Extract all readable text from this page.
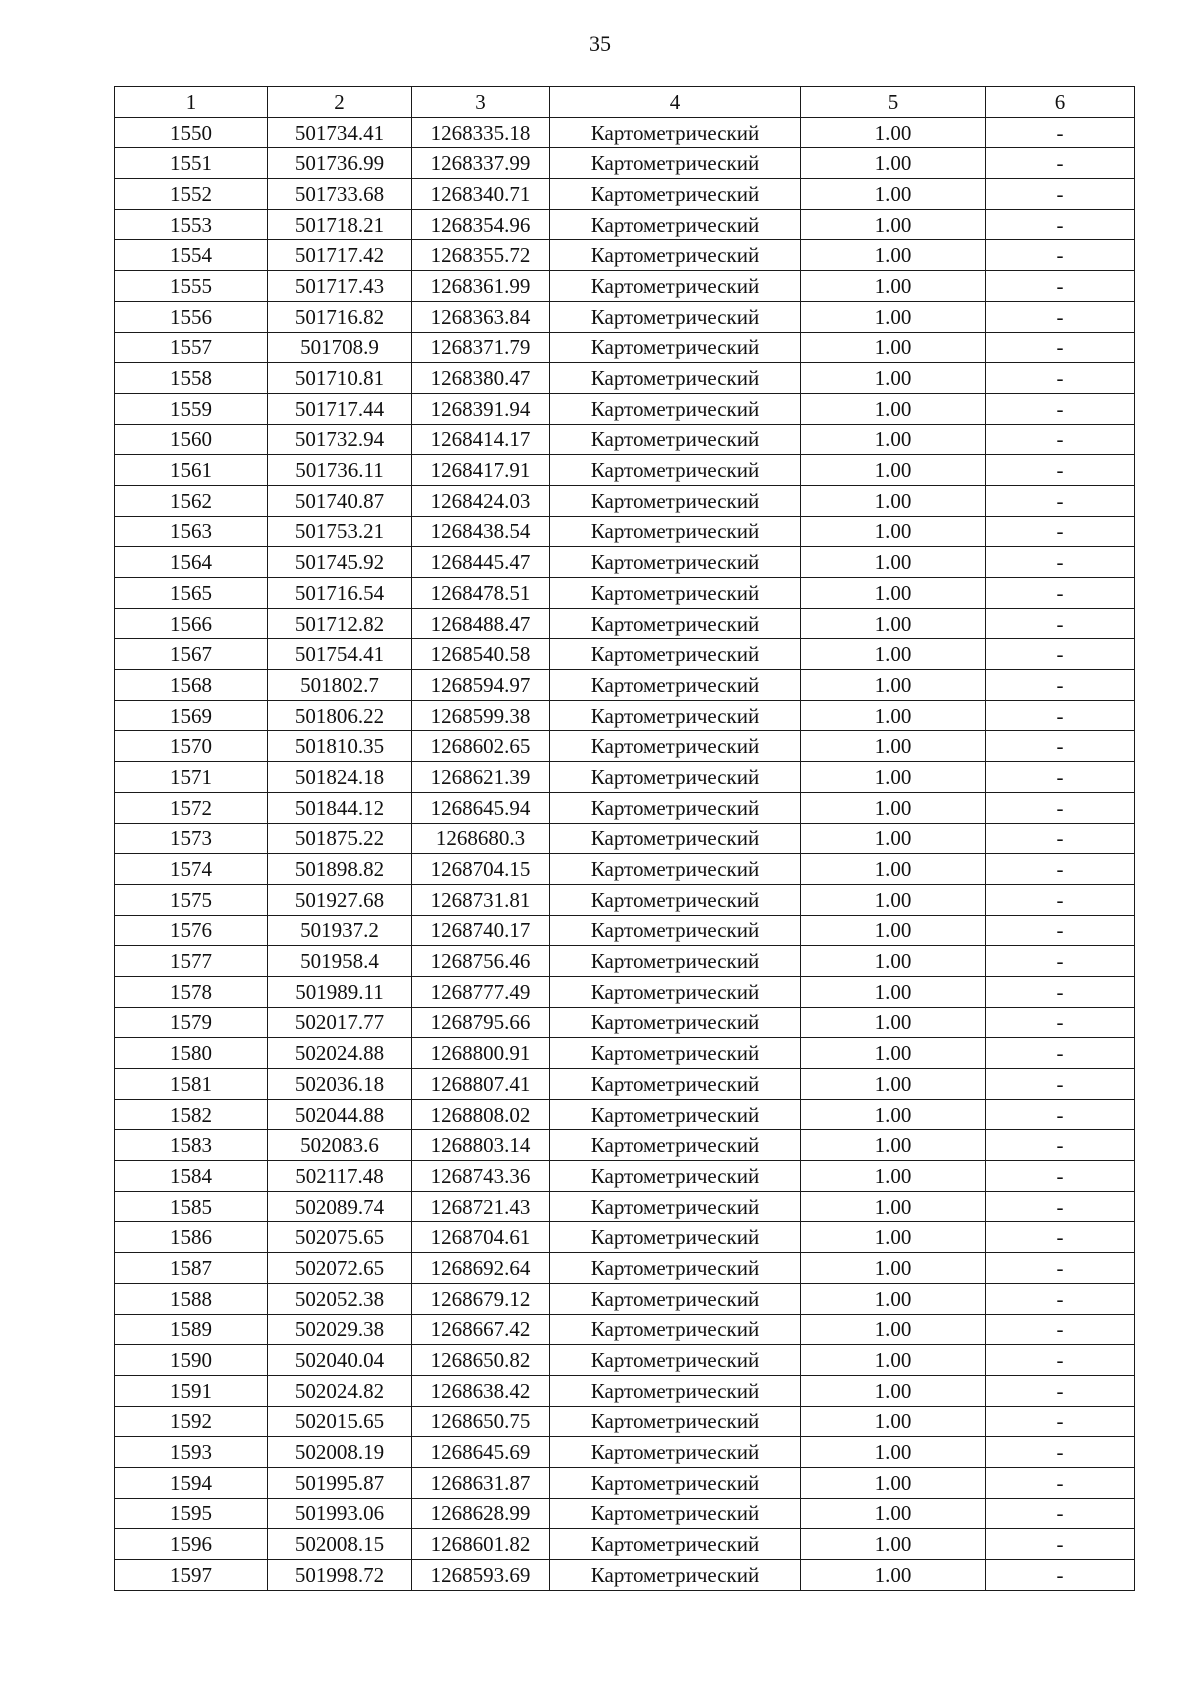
35
1	2	3	4	5	6
1550	501734.41	1268335.18	Картометрический	1.00	-
1551	501736.99	1268337.99	Картометрический	1.00	-
1552	501733.68	1268340.71	Картометрический	1.00	-
1553	501718.21	1268354.96	Картометрический	1.00	-
1554	501717.42	1268355.72	Картометрический	1.00	-
1555	501717.43	1268361.99	Картометрический	1.00	-
1556	501716.82	1268363.84	Картометрический	1.00	-
1557	501708.9	1268371.79	Картометрический	1.00	-
1558	501710.81	1268380.47	Картометрический	1.00	-
1559	501717.44	1268391.94	Картометрический	1.00	-
1560	501732.94	1268414.17	Картометрический	1.00	-
1561	501736.11	1268417.91	Картометрический	1.00	-
1562	501740.87	1268424.03	Картометрический	1.00	-
1563	501753.21	1268438.54	Картометрический	1.00	-
1564	501745.92	1268445.47	Картометрический	1.00	-
1565	501716.54	1268478.51	Картометрический	1.00	-
1566	501712.82	1268488.47	Картометрический	1.00	-
1567	501754.41	1268540.58	Картометрический	1.00	-
1568	501802.7	1268594.97	Картометрический	1.00	-
1569	501806.22	1268599.38	Картометрический	1.00	-
1570	501810.35	1268602.65	Картометрический	1.00	-
1571	501824.18	1268621.39	Картометрический	1.00	-
1572	501844.12	1268645.94	Картометрический	1.00	-
1573	501875.22	1268680.3	Картометрический	1.00	-
1574	501898.82	1268704.15	Картометрический	1.00	-
1575	501927.68	1268731.81	Картометрический	1.00	-
1576	501937.2	1268740.17	Картометрический	1.00	-
1577	501958.4	1268756.46	Картометрический	1.00	-
1578	501989.11	1268777.49	Картометрический	1.00	-
1579	502017.77	1268795.66	Картометрический	1.00	-
1580	502024.88	1268800.91	Картометрический	1.00	-
1581	502036.18	1268807.41	Картометрический	1.00	-
1582	502044.88	1268808.02	Картометрический	1.00	-
1583	502083.6	1268803.14	Картометрический	1.00	-
1584	502117.48	1268743.36	Картометрический	1.00	-
1585	502089.74	1268721.43	Картометрический	1.00	-
1586	502075.65	1268704.61	Картометрический	1.00	-
1587	502072.65	1268692.64	Картометрический	1.00	-
1588	502052.38	1268679.12	Картометрический	1.00	-
1589	502029.38	1268667.42	Картометрический	1.00	-
1590	502040.04	1268650.82	Картометрический	1.00	-
1591	502024.82	1268638.42	Картометрический	1.00	-
1592	502015.65	1268650.75	Картометрический	1.00	-
1593	502008.19	1268645.69	Картометрический	1.00	-
1594	501995.87	1268631.87	Картометрический	1.00	-
1595	501993.06	1268628.99	Картометрический	1.00	-
1596	502008.15	1268601.82	Картометрический	1.00	-
1597	501998.72	1268593.69	Картометрический	1.00	-
